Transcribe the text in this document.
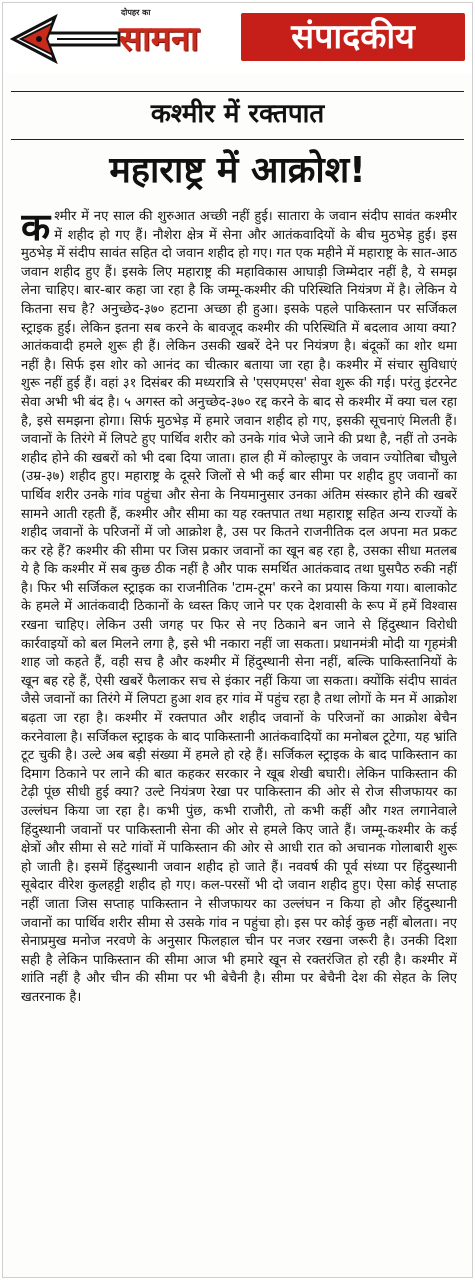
दोपहर का
सामना	संपादकीय
कश्मीर में रक्तपात
महाराष्ट्र में आक्रोश!
कश्मीर में नए साल की शुरुआत अच्छी नहीं हुई। सातारा के जवान संदीप सावंत कश्मीर में शहीद हो गए हैं। नौशेरा क्षेत्र में सेना और आतंकवादियों के बीच मुठभेड़ हुई। इस मुठभेड़ में संदीप सावंत सहित दो जवान शहीद हो गए। गत एक महीने में महाराष्ट्र के सात-आठ जवान शहीद हुए हैं। इसके लिए महाराष्ट्र की महाविकास आघाड़ी जिम्मेदार नहीं है, ये समझ लेना चाहिए। बार-बार कहा जा रहा है कि जम्मू-कश्मीर की परिस्थिति नियंत्रण में है। लेकिन ये कितना सच है? अनुच्छेद-३७० हटाना अच्छा ही हुआ। इसके पहले पाकिस्तान पर सर्जिकल स्ट्राइक हुई। लेकिन इतना सब करने के बावजूद कश्मीर की परिस्थिति में बदलाव आया क्या? आतंकवादी हमले शुरू ही हैं। लेकिन उसकी खबरें देने पर नियंत्रण है। बंदूकों का शोर थमा नहीं है। सिर्फ इस शोर को आनंद का चीत्कार बताया जा रहा है। कश्मीर में संचार सुविधाएं शुरू नहीं हुई हैं। वहां ३१ दिसंबर की मध्यरात्रि से 'एसएमएस' सेवा शुरू की गई। परंतु इंटरनेट सेवा अभी भी बंद है। ५ अगस्त को अनुच्छेद-३७० रद्द करने के बाद से कश्मीर में क्या चल रहा है, इसे समझना होगा। सिर्फ मुठभेड़ में हमारे जवान शहीद हो गए, इसकी सूचनाएं मिलती हैं। जवानों के तिरंगे में लिपटे हुए पार्थिव शरीर को उनके गांव भेजे जाने की प्रथा है, नहीं तो उनके शहीद होने की खबरों को भी दबा दिया जाता। हाल ही में कोल्हापुर के जवान ज्योतिबा चौघुले (उम्र-३७) शहीद हुए। महाराष्ट्र के दूसरे जिलों से भी कई बार सीमा पर शहीद हुए जवानों का पार्थिव शरीर उनके गांव पहुंचा और सेना के नियमानुसार उनका अंतिम संस्कार होने की खबरें सामने आती रहती हैं, कश्मीर और सीमा का यह रक्तपात तथा महाराष्ट्र सहित अन्य राज्यों के शहीद जवानों के परिजनों में जो आक्रोश है, उस पर कितने राजनीतिक दल अपना मत प्रकट कर रहे हैं? कश्मीर की सीमा पर जिस प्रकार जवानों का खून बह रहा है, उसका सीधा मतलब ये है कि कश्मीर में सब कुछ ठीक नहीं है और पाक समर्थित आतंकवाद तथा घुसपैठ रुकी नहीं है। फिर भी सर्जिकल स्ट्राइक का राजनीतिक 'टाम-टूम' करने का प्रयास किया गया। बालाकोट के हमले में आतंकवादी ठिकानों के ध्वस्त किए जाने पर एक देशवासी के रूप में हमें विश्वास रखना चाहिए। लेकिन उसी जगह पर फिर से नए ठिकाने बन जाने से हिंदुस्थान विरोधी कार्रवाइयों को बल मिलने लगा है, इसे भी नकारा नहीं जा सकता। प्रधानमंत्री मोदी या गृहमंत्री शाह जो कहते हैं, वही सच है और कश्मीर में हिंदुस्थानी सेना नहीं, बल्कि पाकिस्तानियों के खून बह रहे हैं, ऐसी खबरें फैलाकर सच से इंकार नहीं किया जा सकता। क्योंकि संदीप सावंत जैसे जवानों का तिरंगे में लिपटा हुआ शव हर गांव में पहुंच रहा है तथा लोगों के मन में आक्रोश बढ़ता जा रहा है। कश्मीर में रक्तपात और शहीद जवानों के परिजनों का आक्रोश बेचैन करनेवाला है। सर्जिकल स्ट्राइक के बाद पाकिस्तानी आतंकवादियों का मनोबल टूटेगा, यह भ्रांति टूट चुकी है। उल्टे अब बड़ी संख्या में हमले हो रहे हैं। सर्जिकल स्ट्राइक के बाद पाकिस्तान का दिमाग ठिकाने पर लाने की बात कहकर सरकार ने खूब शेखी बघारी। लेकिन पाकिस्तान की टेढ़ी पूंछ सीधी हुई क्या? उल्टे नियंत्रण रेखा पर पाकिस्तान की ओर से रोज सीजफायर का उल्लंघन किया जा रहा है। कभी पुंछ, कभी राजौरी, तो कभी कहीं और गश्त लगानेवाले हिंदुस्थानी जवानों पर पाकिस्तानी सेना की ओर से हमले किए जाते हैं। जम्मू-कश्मीर के कई क्षेत्रों और सीमा से सटे गांवों में पाकिस्तान की ओर से आधी रात को अचानक गोलाबारी शुरू हो जाती है। इसमें हिंदुस्थानी जवान शहीद हो जाते हैं। नववर्ष की पूर्व संध्या पर हिंदुस्थानी सूबेदार वीरेश कुलहट्टी शहीद हो गए। कल-परसों भी दो जवान शहीद हुए। ऐसा कोई सप्ताह नहीं जाता जिस सप्ताह पाकिस्तान ने सीजफायर का उल्लंघन न किया हो और हिंदुस्थानी जवानों का पार्थिव शरीर सीमा से उसके गांव न पहुंचा हो। इस पर कोई कुछ नहीं बोलता। नए सेनाप्रमुख मनोज नरवणे के अनुसार फिलहाल चीन पर नजर रखना जरूरी है। उनकी दिशा सही है लेकिन पाकिस्तान की सीमा आज भी हमारे खून से रक्तरंजित हो रही है। कश्मीर में शांति नहीं है और चीन की सीमा पर भी बेचैनी है। सीमा पर बेचैनी देश की सेहत के लिए खतरनाक है।
